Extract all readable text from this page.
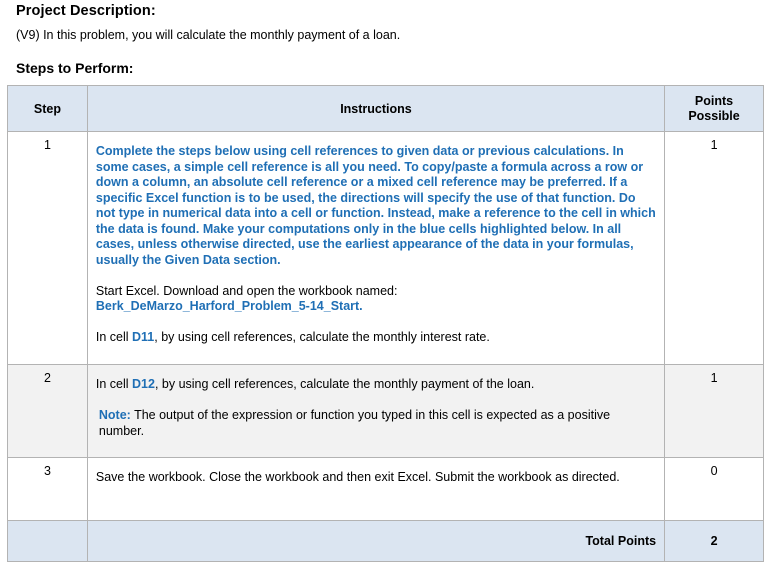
Project Description:
(V9) In this problem, you will calculate the monthly payment of a loan.
Steps to Perform:
Step	Instructions	Points Possible
1	Complete the steps below using cell references to given data or previous calculations. In some cases, a simple cell reference is all you need. To copy/paste a formula across a row or down a column, an absolute cell reference or a mixed cell reference may be preferred. If a specific Excel function is to be used, the directions will specify the use of that function. Do not type in numerical data into a cell or function. Instead, make a reference to the cell in which the data is found. Make your computations only in the blue cells highlighted below. In all cases, unless otherwise directed, use the earliest appearance of the data in your formulas, usually the Given Data section.
Start Excel. Download and open the workbook named:
Berk_DeMarzo_Harford_Problem_5-14_Start.
In cell D11, by using cell references, calculate the monthly interest rate.	1
2	In cell D12, by using cell references, calculate the monthly payment of the loan.
Note: The output of the expression or function you typed in this cell is expected as a positive number.	1
3	Save the workbook. Close the workbook and then exit Excel. Submit the workbook as directed.	0
	Total Points	2
